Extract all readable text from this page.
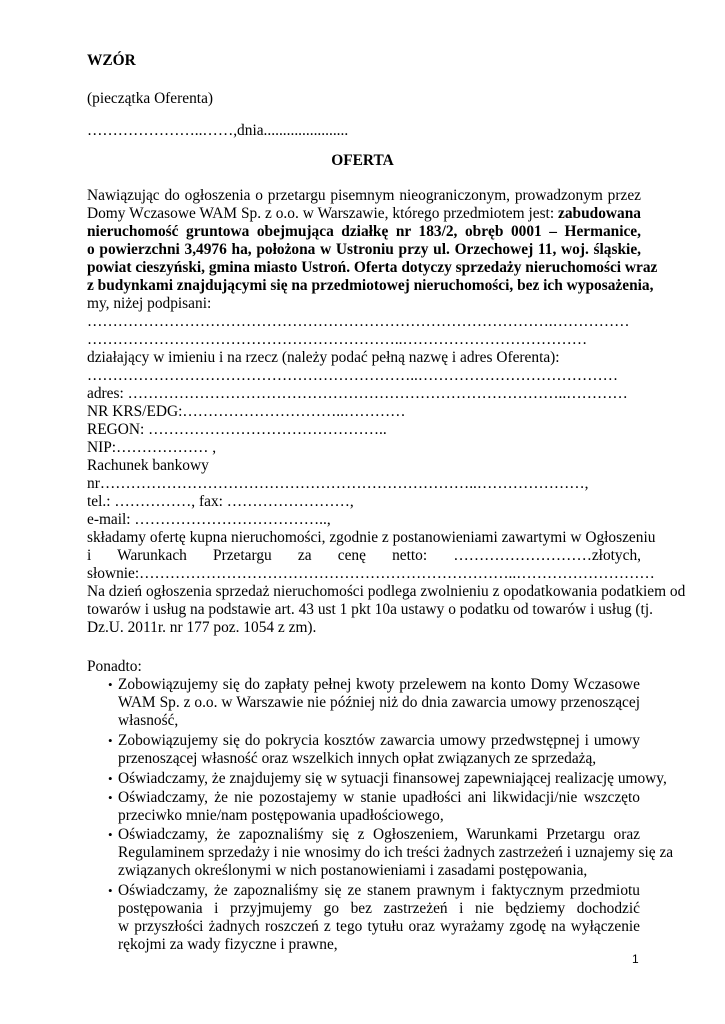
WZÓR
(pieczątka Oferenta)
…………………..……,dnia......................
OFERTA
Nawiązując do ogłoszenia o przetargu pisemnym nieograniczonym, prowadzonym przez
Domy Wczasowe WAM Sp. z o.o. w Warszawie, którego przedmiotem jest: zabudowana
nieruchomość gruntowa obejmująca działkę nr 183/2, obręb 0001 – Hermanice,
o powierzchni 3,4976 ha, położona w Ustroniu przy ul. Orzechowej 11, woj. śląskie,
powiat cieszyński, gmina miasto Ustroń. Oferta dotyczy sprzedaży nieruchomości wraz
z budynkami znajdującymi się na przedmiotowej nieruchomości, bez ich wyposażenia,
my, niżej podpisani:
……………………………………………………………………………….……………
……………………………………………………..………………………………
działający w imieniu i na rzecz (należy podać pełną nazwę i adres Oferenta):
………………………………………………………..…………………………………
adres: …………………………………………………………………………..…………
NR KRS/EDG:…………………………..…………
REGON: ………………………………………..
NIP:……………… ,
Rachunek bankowy
nr………………………………………………………………..…………………,
tel.: ……………, fax: ……………………,
e-mail: ………………………………..,
składamy ofertę kupna nieruchomości, zgodnie z postanowieniami zawartymi w Ogłoszeniu
i Warunkach Przetargu za cenę netto: ………………………złotych,
słownie:………………………………………………………………..………………………
Na dzień ogłoszenia sprzedaż nieruchomości podlega zwolnieniu z opodatkowania podatkiem od
towarów i usług na podstawie art. 43 ust 1 pkt 10a ustawy o podatku od towarów i usług (tj.
Dz.U. 2011r. nr 177 poz. 1054 z zm).
Ponadto:
• Zobowiązujemy się do zapłaty pełnej kwoty przelewem na konto Domy Wczasowe
WAM Sp. z o.o. w Warszawie nie później niż do dnia zawarcia umowy przenoszącej
własność,
• Zobowiązujemy się do pokrycia kosztów zawarcia umowy przedwstępnej i umowy
przenoszącej własność oraz wszelkich innych opłat związanych ze sprzedażą,
• Oświadczamy, że znajdujemy się w sytuacji finansowej zapewniającej realizację umowy,
• Oświadczamy, że nie pozostajemy w stanie upadłości ani likwidacji/nie wszczęto
przeciwko mnie/nam postępowania upadłościowego,
• Oświadczamy, że zapoznaliśmy się z Ogłoszeniem, Warunkami Przetargu oraz
Regulaminem sprzedaży i nie wnosimy do ich treści żadnych zastrzeżeń i uznajemy się za
związanych określonymi w nich postanowieniami i zasadami postępowania,
• Oświadczamy, że zapoznaliśmy się ze stanem prawnym i faktycznym przedmiotu
postępowania i przyjmujemy go bez zastrzeżeń i nie będziemy dochodzić
w przyszłości żadnych roszczeń z tego tytułu oraz wyrażamy zgodę na wyłączenie
rękojmi za wady fizyczne i prawne,
1
